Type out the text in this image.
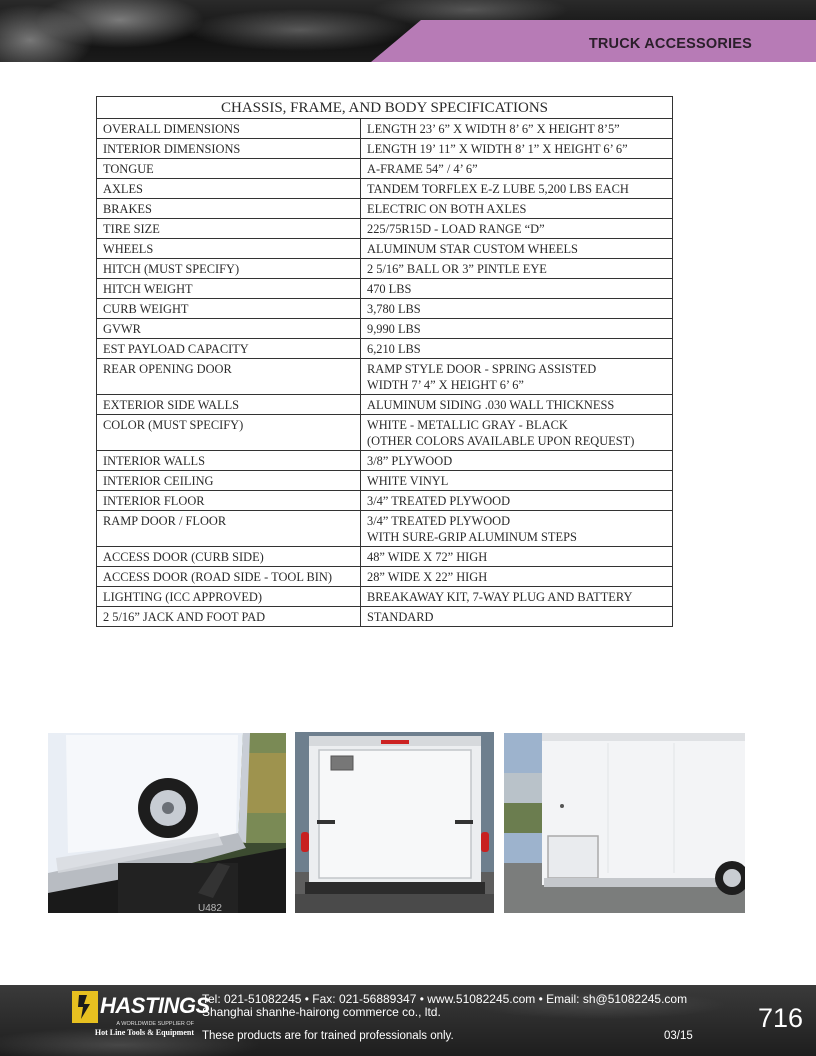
TRUCK ACCESSORIES
CHASSIS, FRAME, AND BODY SPECIFICATIONS	
OVERALL DIMENSIONS	LENGTH 23’ 6” X WIDTH 8’ 6” X HEIGHT 8’5”

INTERIOR DIMENSIONS	LENGTH 19’ 11” X WIDTH 8’ 1” X HEIGHT 6’ 6”

TONGUE	A-FRAME 54” / 4’ 6”

AXLES	TANDEM TORFLEX E-Z LUBE 5,200 LBS EACH

BRAKES	ELECTRIC ON BOTH AXLES

TIRE SIZE	225/75R15D - LOAD RANGE “D”

WHEELS	ALUMINUM STAR CUSTOM WHEELS

HITCH (MUST SPECIFY)	2 5/16” BALL OR 3” PINTLE EYE

HITCH WEIGHT	470 LBS

CURB WEIGHT	3,780 LBS

GVWR	9,990 LBS

EST PAYLOAD CAPACITY	6,210 LBS

REAR OPENING DOOR	RAMP STYLE DOOR - SPRING ASSISTED
WIDTH 7’ 4” X HEIGHT 6’ 6”

EXTERIOR SIDE WALLS	ALUMINUM SIDING .030 WALL THICKNESS

COLOR (MUST SPECIFY)	WHITE - METALLIC GRAY - BLACK
(OTHER COLORS AVAILABLE UPON REQUEST)

INTERIOR WALLS	3/8” PLYWOOD

INTERIOR CEILING	WHITE VINYL

INTERIOR FLOOR	3/4” TREATED PLYWOOD

RAMP DOOR / FLOOR	3/4” TREATED PLYWOOD
WITH SURE-GRIP ALUMINUM STEPS

ACCESS DOOR (CURB SIDE)	48” WIDE X 72” HIGH

ACCESS DOOR (ROAD SIDE - TOOL BIN)	28” WIDE X 22” HIGH

LIGHTING (ICC APPROVED)	BREAKAWAY KIT, 7-WAY PLUG AND BATTERY

2 5/16” JACK AND FOOT PAD	STANDARD
U482
HASTINGS
A WORLDWIDE SUPPLIER OF
Hot Line Tools & Equipment
Tel: 021-51082245 • Fax: 021-56889347 • www.51082245.com • Email: sh@51082245.com
Shanghai shanhe-hairong commerce co., ltd.
These products are for trained professionals only.	03/15
716
